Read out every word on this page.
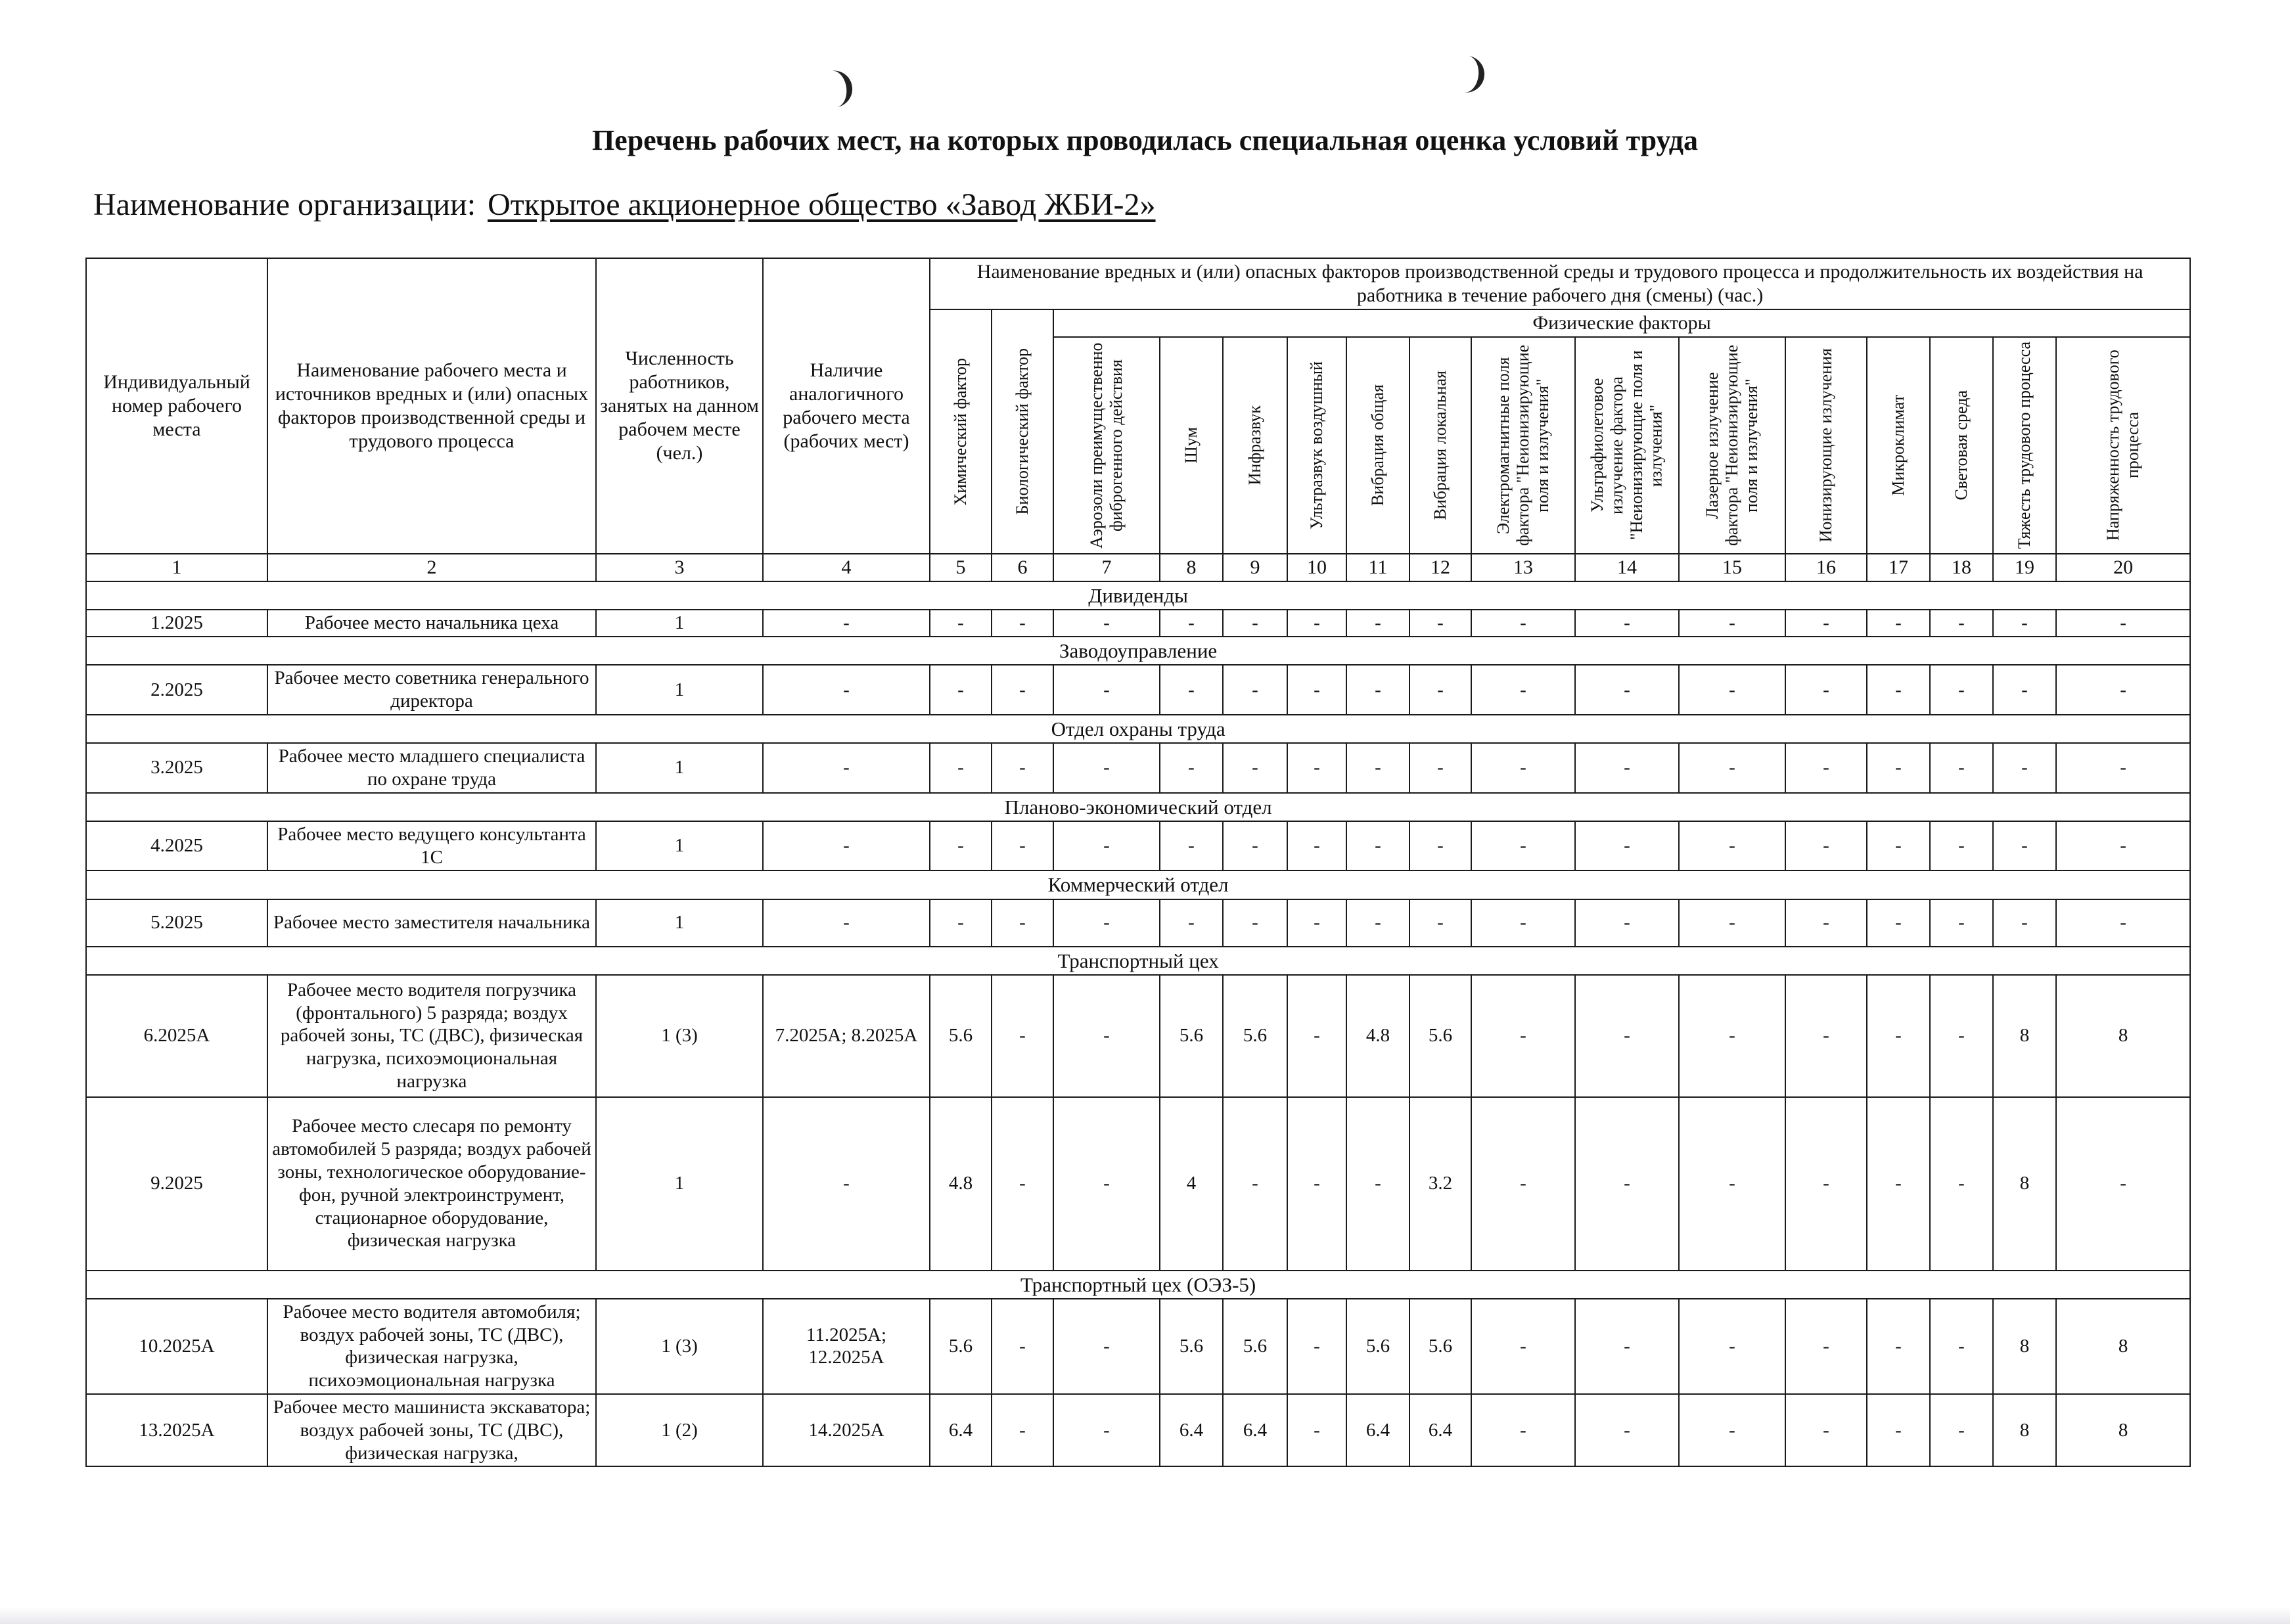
Перечень рабочих мест, на которых проводилась специальная оценка условий труда
Наименование организации: Открытое акционерное общество «Завод ЖБИ-2»
Индивидуальный номер рабочего места	Наименование рабочего места и источников вредных и (или) опасных факторов производственной среды и трудового процесса	Численность работников, занятых на данном рабочем месте (чел.)	Наличие аналогичного рабочего места (рабочих мест)	Наименование вредных и (или) опасных факторов производственной среды и трудового процесса и продолжительность их воздействия на работника в течение рабочего дня (смены) (час.)															

				Химический фактор	Биологический фактор	Физические факторы													

						Аэрозоли преимущественно фиброгенного действия	Шум	Инфразвук	Ультразвук воздушный	Вибрация общая	Вибрация локальная	Электромагнитные поля фактора "Неионизирующие поля и излучения"	Ультрафиолетовое излучение фактора "Неионизирующие поля и излучения"	Лазерное излучение фактора "Неионизирующие поля и излучения"	Ионизирующие излучения	Микроклимат	Световая среда	Тяжесть трудового процесса	Напряженность трудового процесса

1	2	3	4	5	6	7	8	9	10	11	12	13	14	15	16	17	18	19	20
Дивиденды																			
1.2025	Рабочее место начальника цеха	1	-	-	-	-	-	-	-	-	-	-	-	-	-	-	-	-	-
Заводоуправление																			
2.2025	Рабочее место советника генерального директора	1	-	-	-	-	-	-	-	-	-	-	-	-	-	-	-	-	-
Отдел охраны труда																			
3.2025	Рабочее место младшего специалиста по охране труда	1	-	-	-	-	-	-	-	-	-	-	-	-	-	-	-	-	-
Планово-экономический отдел																			
4.2025	Рабочее место ведущего консультанта 1С	1	-	-	-	-	-	-	-	-	-	-	-	-	-	-	-	-	-
Коммерческий отдел																			
5.2025	Рабочее место заместителя начальника	1	-	-	-	-	-	-	-	-	-	-	-	-	-	-	-	-	-
Транспортный цех																			
6.2025А	Рабочее место водителя погрузчика (фронтального) 5 разряда; воздух рабочей зоны, ТС (ДВС), физическая нагрузка, психоэмоциональная нагрузка	1 (3)	7.2025А; 8.2025А	5.6	-	-	5.6	5.6	-	4.8	5.6	-	-	-	-	-	-	8	8
9.2025	Рабочее место слесаря по ремонту автомобилей 5 разряда; воздух рабочей зоны, технологическое оборудование-фон, ручной электроинструмент, стационарное оборудование, физическая нагрузка	1	-	4.8	-	-	4	-	-	-	3.2	-	-	-	-	-	-	8	-
Транспортный цех (ОЭЗ-5)																			
10.2025А	Рабочее место водителя автомобиля; воздух рабочей зоны, ТС (ДВС), физическая нагрузка, психоэмоциональная нагрузка	1 (3)	11.2025А; 12.2025А	5.6	-	-	5.6	5.6	-	5.6	5.6	-	-	-	-	-	-	8	8
13.2025А	Рабочее место машиниста экскаватора; воздух рабочей зоны, ТС (ДВС), физическая нагрузка,	1 (2)	14.2025А	6.4	-	-	6.4	6.4	-	6.4	6.4	-	-	-	-	-	-	8	8
